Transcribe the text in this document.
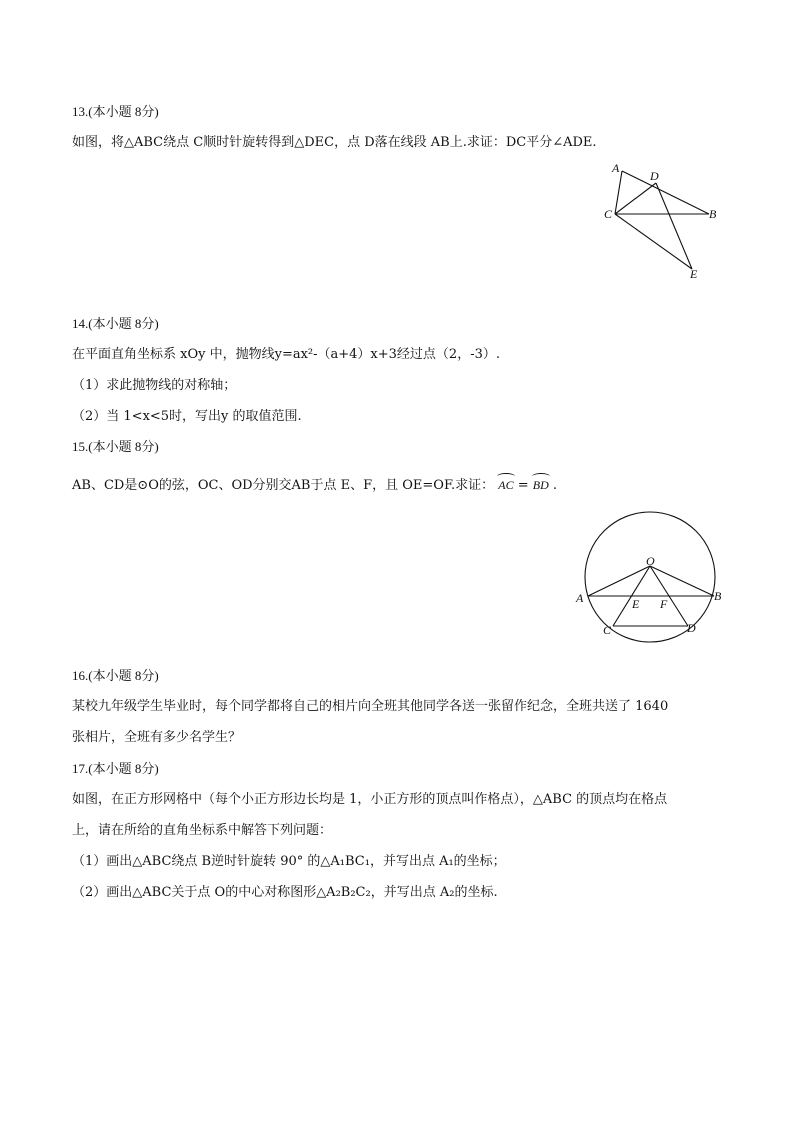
13.(本小题 8分)
如图，将△ABC绕点 C顺时针旋转得到△DEC，点 D落在线段 AB上.求证：DC平分∠ADE.
A
D
C	B
E
14.(本小题 8分)
在平面直角坐标系 xOy 中，抛物线y=ax²-（a+4）x+3经过点（2，-3）.
（1）求此抛物线的对称轴；
（2）当 1<x<5时，写出y 的取值范围.
15.(本小题 8分)
AB、CD是⊙O的弦，OC、OD分别交AB于点 E、F，且 OE=OF.求证： AC = BD .
O
A	B
E F
C	D
16.(本小题 8分)
某校九年级学生毕业时，每个同学都将自己的相片向全班其他同学各送一张留作纪念，全班共送了 1640
张相片，全班有多少名学生？
17.(本小题 8分)
如图，在正方形网格中（每个小正方形边长均是 1，小正方形的顶点叫作格点），△ABC 的顶点均在格点
上，请在所给的直角坐标系中解答下列问题：
（1）画出△ABC绕点 B逆时针旋转 90° 的△A₁BC₁，并写出点 A₁的坐标；
（2）画出△ABC关于点 O的中心对称图形△A₂B₂C₂，并写出点 A₂的坐标.
